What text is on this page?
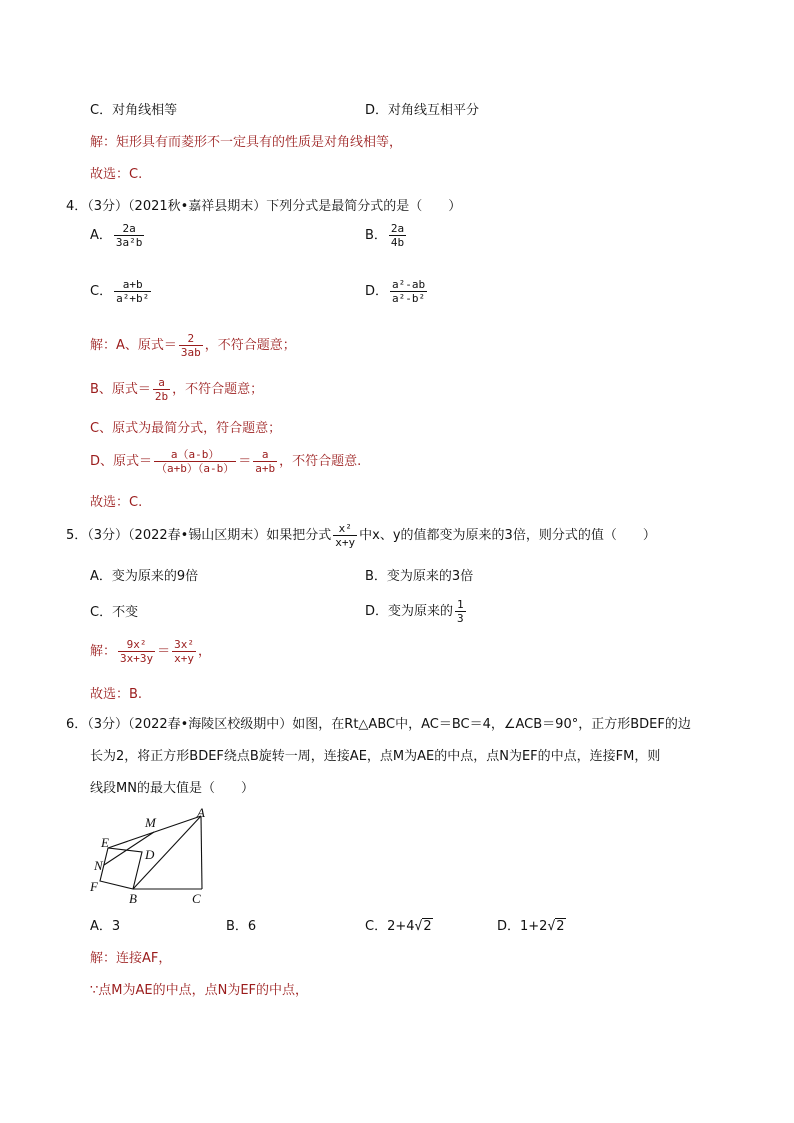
C．对角线相等	D．对角线互相平分
解：矩形具有而菱形不一定具有的性质是对角线相等，
故选：C.
4．（3分）（2021秋•嘉祥县期末）下列分式是最简分式的是（　　）
A． $\frac{2a}{\text{3a²b}}$	B． $\frac{2a}{4b}$
C． $\frac{a+b}{\text{a²+b²}}$	D． $\frac{\text{a²-ab}}{\text{a²-b²}}$
解：A、原式＝ $\frac{2}{3ab}$ ，不符合题意；
B、原式＝ $\frac{a}{2b}$ ，不符合题意；
C、原式为最简分式，符合题意；
D、原式＝ $\frac{a(a-b)}{(a+b)(a-b)} = \frac{a}{a+b}$ ，不符合题意.
故选：C.
5．（3分）（2022春•锡山区期末）如果把分式 $\frac{\text{x²}}{x+y}$ 中x、y的值都变为原来的3倍，则分式的值（　　）
A．变为原来的9倍	B．变为原来的3倍
C．不变	D．变为原来的 $\frac{1}{3}$
解： $\frac{\text{9x²}}{3x+3y} = \frac{\text{3x²}}{x+y}$ ，
故选：B.
6．（3分）（2022春•海陵区校级期中）如图，在Rt△ABC中，AC＝BC＝4，∠ACB＝90°，正方形BDEF的边
长为2，将正方形BDEF绕点B旋转一周，连接AE，点M为AE的中点，点N为EF的中点，连接FM，则
线段MN的最大值是（　　）
A
M
E
D
N
F
B	C
A．3	B．6	C．2+4√2	D．1+2√2
解：连接AF，
∵点M为AE的中点，点N为EF的中点，
